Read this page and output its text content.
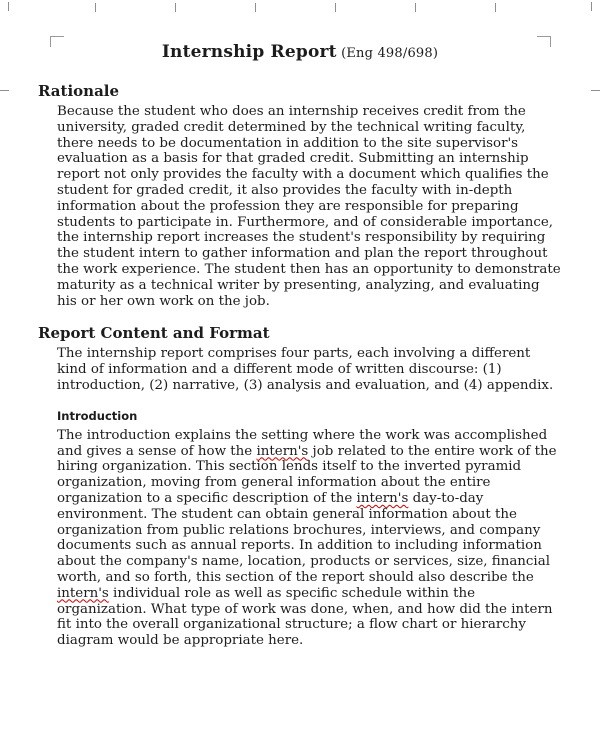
Internship Report (Eng 498/698)
Rationale

Because the student who does an internship receives credit from the university, graded credit determined by the technical writing faculty, there needs to be documentation in addition to the site supervisor's evaluation as a basis for that graded credit. Submitting an internship report not only provides the faculty with a document which qualifies the student for graded credit, it also provides the faculty with in-depth information about the profession they are responsible for preparing students to participate in. Furthermore, and of considerable importance, the internship report increases the student's responsibility by requiring the student intern to gather information and plan the report throughout the work experience. The student then has an opportunity to demonstrate maturity as a technical writer by presenting, analyzing, and evaluating his or her own work on the job.

Report Content and Format

The internship report comprises four parts, each involving a different kind of information and a different mode of written discourse: (1) introduction, (2) narrative, (3) analysis and evaluation, and (4) appendix.

Introduction

The introduction explains the setting where the work was accomplished and gives a sense of how the intern's job related to the entire work of the hiring organization. This section lends itself to the inverted pyramid organization, moving from general information about the entire organization to a specific description of the intern's day-to-day environment. The student can obtain general information about the organization from public relations brochures, interviews, and company documents such as annual reports. In addition to including information about the company's name, location, products or services, size, financial worth, and so forth, this section of the report should also describe the intern's individual role as well as specific schedule within the organization. What type of work was done, when, and how did the intern fit into the overall organizational structure; a flow chart or hierarchy diagram would be appropriate here.
